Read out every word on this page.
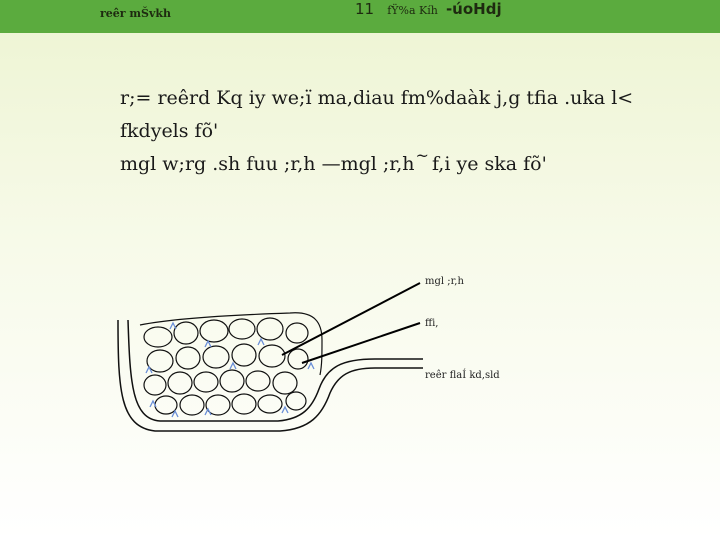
reêr mŠvkh	11 fŸ%a Kíh -úoHdj

r;= reêrd Kq iy we;ï ma,diau fm%daàk j,g tfia .uka l<

fkdyels fõ'

mgl w;rg .sh fuu ;r,h —mgl ;r,h~ f,i ye ska fõ'

mgl ;r,h
ffi,
reêr flaÍ kd,sld
